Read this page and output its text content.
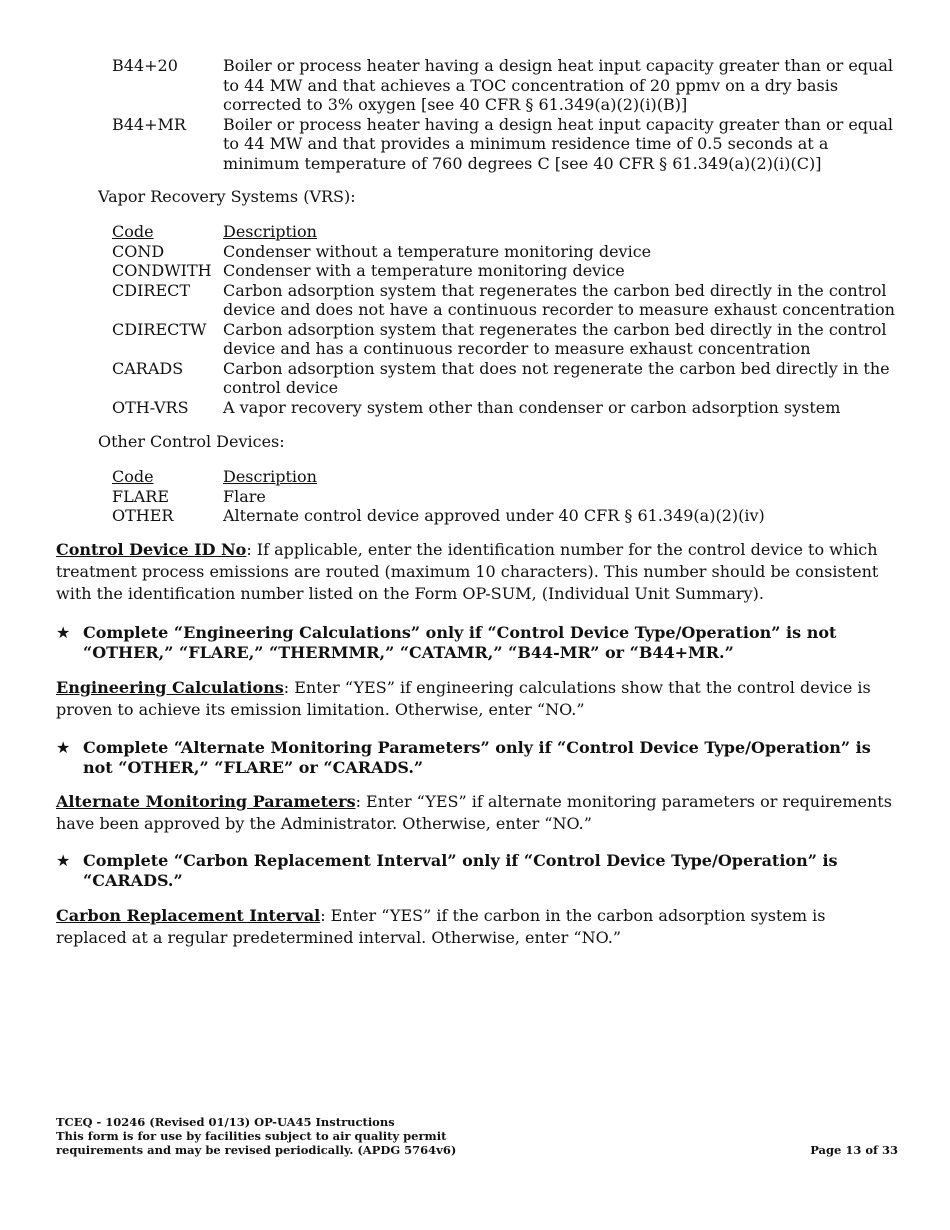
B44+20	Boiler or process heater having a design heat input capacity greater than or equal to 44 MW and that achieves a TOC concentration of 20 ppmv on a dry basis corrected to 3% oxygen [see 40 CFR § 61.349(a)(2)(i)(B)]
B44+MR	Boiler or process heater having a design heat input capacity greater than or equal to 44 MW and that provides a minimum residence time of 0.5 seconds at a minimum temperature of 760 degrees C [see 40 CFR § 61.349(a)(2)(i)(C)]
Vapor Recovery Systems (VRS):
Code	Description
COND	Condenser without a temperature monitoring device
CONDWITH Condenser with a temperature monitoring device
CDIRECT	Carbon adsorption system that regenerates the carbon bed directly in the control device and does not have a continuous recorder to measure exhaust concentration
CDIRECTW	Carbon adsorption system that regenerates the carbon bed directly in the control device and has a continuous recorder to measure exhaust concentration
CARADS	Carbon adsorption system that does not regenerate the carbon bed directly in the control device
OTH-VRS	A vapor recovery system other than condenser or carbon adsorption system
Other Control Devices:
Code	Description
FLARE	Flare
OTHER	Alternate control device approved under 40 CFR § 61.349(a)(2)(iv)
Control Device ID No: If applicable, enter the identification number for the control device to which treatment process emissions are routed (maximum 10 characters). This number should be consistent with the identification number listed on the Form OP-SUM, (Individual Unit Summary).
★ Complete “Engineering Calculations” only if “Control Device Type/Operation” is not “OTHER,” “FLARE,” “THERMMR,” “CATAMR,” “B44-MR” or “B44+MR.”
Engineering Calculations: Enter “YES” if engineering calculations show that the control device is proven to achieve its emission limitation. Otherwise, enter “NO.”
★ Complete “Alternate Monitoring Parameters” only if “Control Device Type/Operation” is not “OTHER,” “FLARE” or “CARADS.”
Alternate Monitoring Parameters: Enter “YES” if alternate monitoring parameters or requirements have been approved by the Administrator. Otherwise, enter “NO.”
★ Complete “Carbon Replacement Interval” only if “Control Device Type/Operation” is “CARADS.”
Carbon Replacement Interval: Enter “YES” if the carbon in the carbon adsorption system is replaced at a regular predetermined interval. Otherwise, enter “NO.”
TCEQ - 10246 (Revised 01/13) OP-UA45 Instructions
This form is for use by facilities subject to air quality permit
requirements and may be revised periodically. (APDG 5764v6)	Page 13 of 33
